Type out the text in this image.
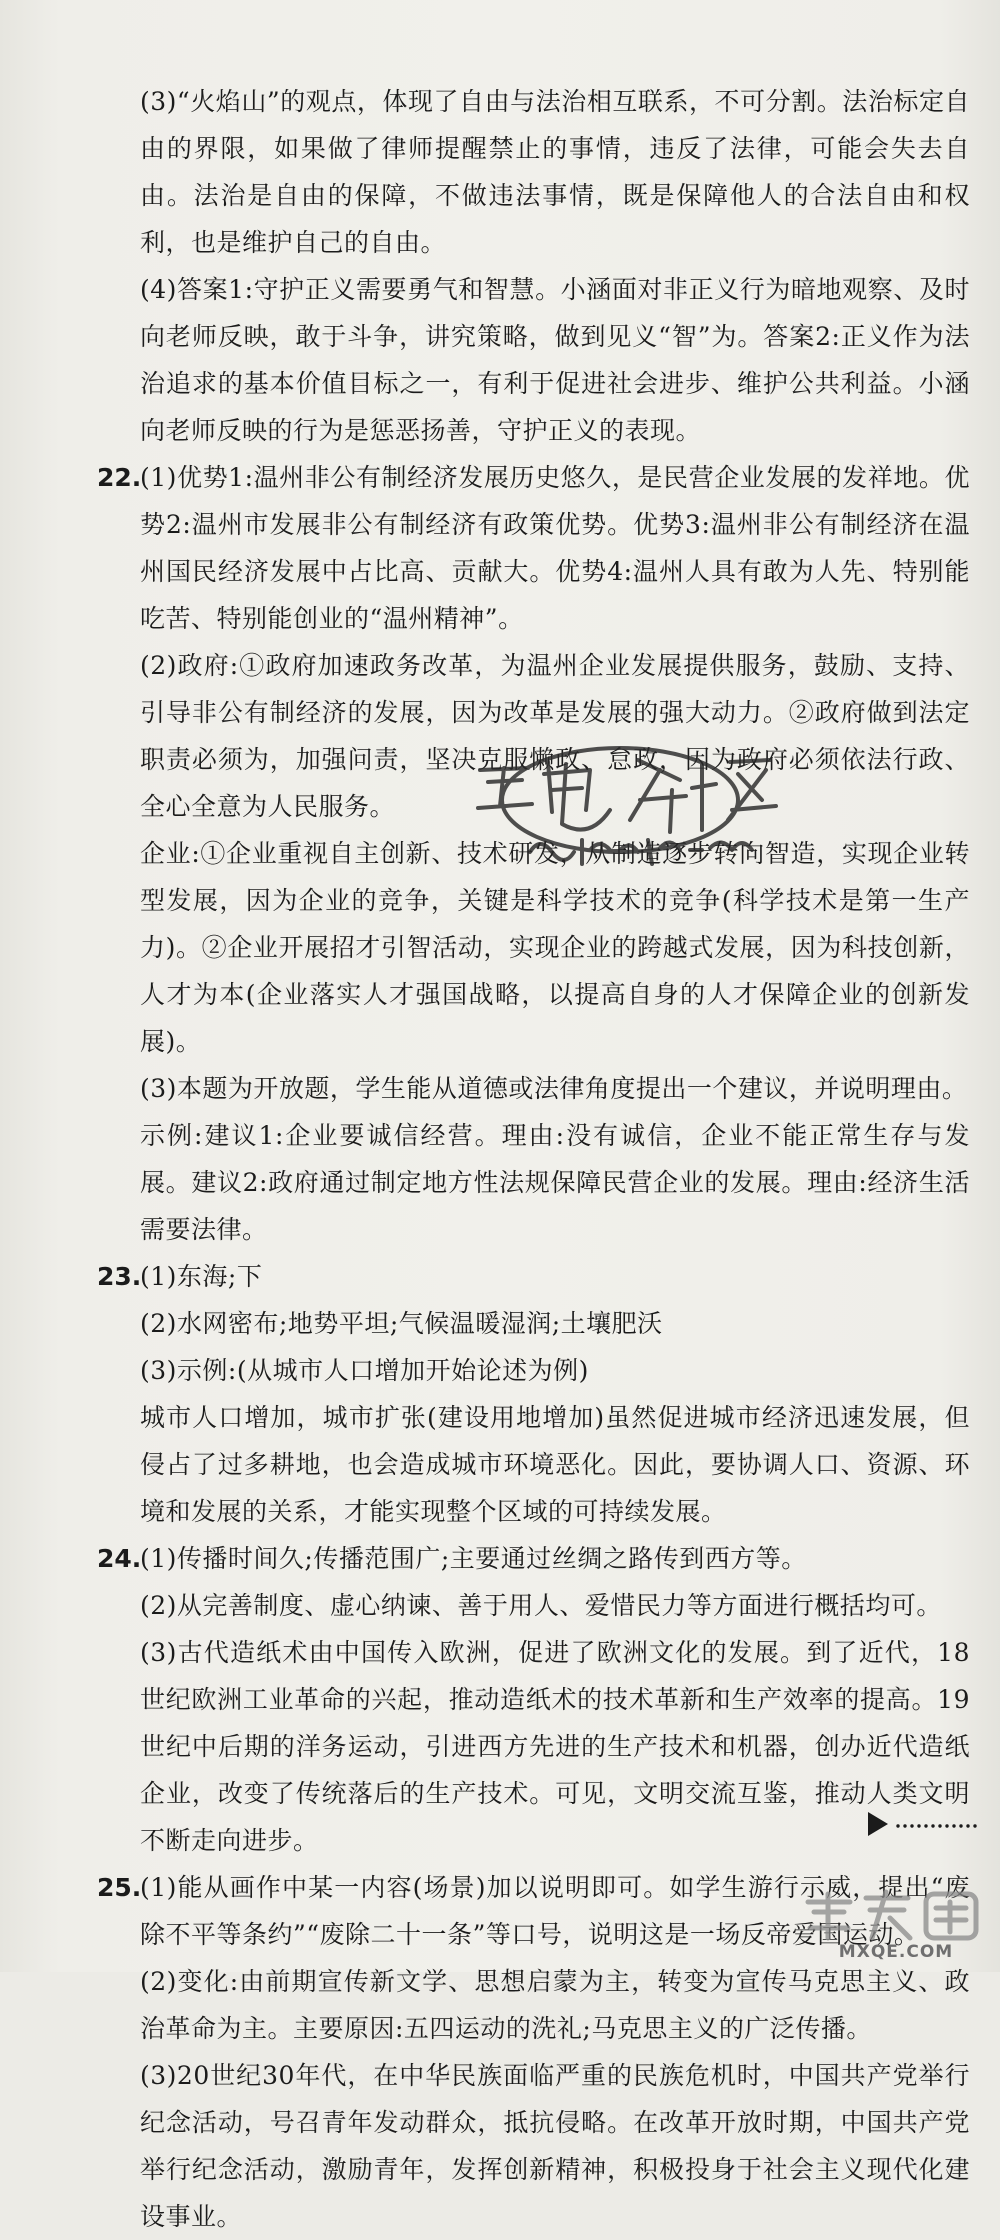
(3)“火焰山”的观点，体现了自由与法治相互联系，不可分割。法治标定自由的界限，如果做了律师提醒禁止的事情，违反了法律，可能会失去自由。法治是自由的保障，不做违法事情，既是保障他人的合法自由和权利，也是维护自己的自由。

(4)答案1:守护正义需要勇气和智慧。小涵面对非正义行为暗地观察、及时向老师反映，敢于斗争，讲究策略，做到见义“智”为。答案2:正义作为法治追求的基本价值目标之一，有利于促进社会进步、维护公共利益。小涵向老师反映的行为是惩恶扬善，守护正义的表现。

22.

(1)优势1:温州非公有制经济发展历史悠久，是民营企业发展的发祥地。优势2:温州市发展非公有制经济有政策优势。优势3:温州非公有制经济在温州国民经济发展中占比高、贡献大。优势4:温州人具有敢为人先、特别能吃苦、特别能创业的“温州精神”。

(2)政府:①政府加速政务改革，为温州企业发展提供服务，鼓励、支持、引导非公有制经济的发展，因为改革是发展的强大动力。②政府做到法定职责必须为，加强问责，坚决克服懒政、怠政，因为政府必须依法行政、全心全意为人民服务。

企业:①企业重视自主创新、技术研发，从制造逐步转向智造，实现企业转型发展，因为企业的竞争，关键是科学技术的竞争(科学技术是第一生产力)。②企业开展招才引智活动，实现企业的跨越式发展，因为科技创新，人才为本(企业落实人才强国战略，以提高自身的人才保障企业的创新发展)。

(3)本题为开放题，学生能从道德或法律角度提出一个建议，并说明理由。

示例:建议1:企业要诚信经营。理由:没有诚信，企业不能正常生存与发展。建议2:政府通过制定地方性法规保障民营企业的发展。理由:经济生活需要法律。

23.

(1)东海;下

(2)水网密布;地势平坦;气候温暖湿润;土壤肥沃

(3)示例:(从城市人口增加开始论述为例)

城市人口增加，城市扩张(建设用地增加)虽然促进城市经济迅速发展，但侵占了过多耕地，也会造成城市环境恶化。因此，要协调人口、资源、环境和发展的关系，才能实现整个区域的可持续发展。

24.

(1)传播时间久;传播范围广;主要通过丝绸之路传到西方等。

(2)从完善制度、虚心纳谏、善于用人、爱惜民力等方面进行概括均可。

(3)古代造纸术由中国传入欧洲，促进了欧洲文化的发展。到了近代，18世纪欧洲工业革命的兴起，推动造纸术的技术革新和生产效率的提高。19世纪中后期的洋务运动，引进西方先进的生产技术和机器，创办近代造纸企业，改变了传统落后的生产技术。可见，文明交流互鉴，推动人类文明不断走向进步。

25.

(1)能从画作中某一内容(场景)加以说明即可。如学生游行示威，提出“废除不平等条约”“废除二十一条”等口号，说明这是一场反帝爱国运动。

(2)变化:由前期宣传新文学、思想启蒙为主，转变为宣传马克思主义、政治革命为主。主要原因:五四运动的洗礼;马克思主义的广泛传播。

(3)20世纪30年代，在中华民族面临严重的民族危机时，中国共产党举行纪念活动，号召青年发动群众，抵抗侵略。在改革开放时期，中国共产党举行纪念活动，激励青年，发挥创新精神，积极投身于社会主义现代化建设事业。

MXQE.COM
